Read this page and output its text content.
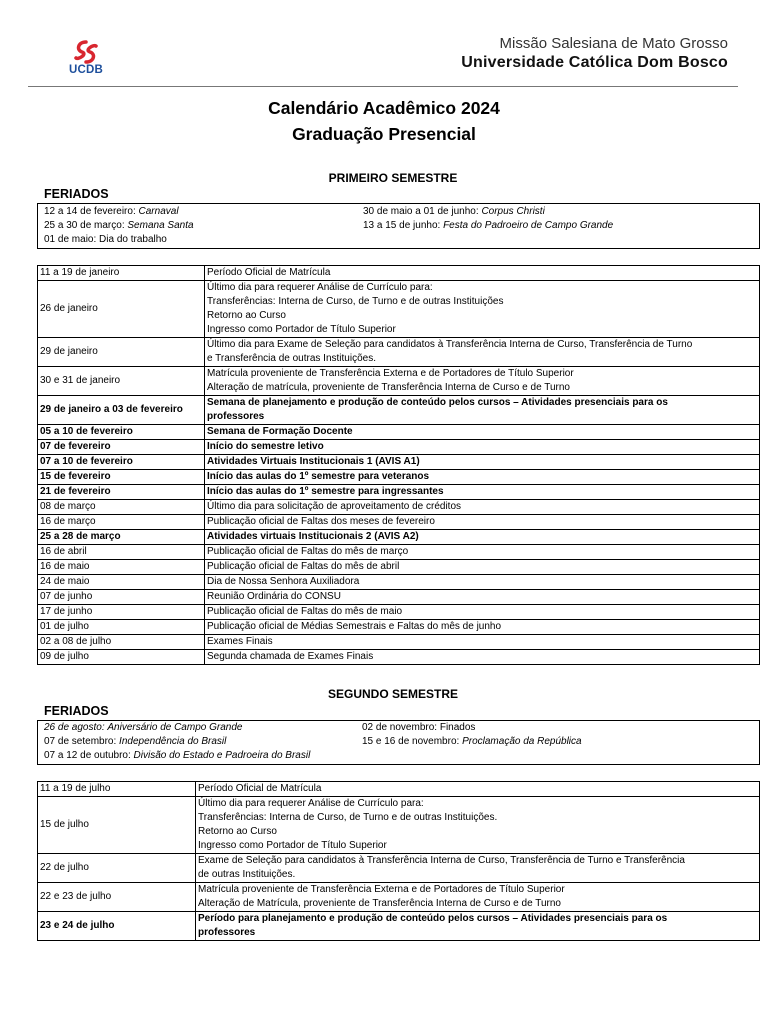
UCDB
Missão Salesiana de Mato Grosso
Universidade Católica Dom Bosco
Calendário Acadêmico 2024
Graduação Presencial
PRIMEIRO SEMESTRE
FERIADOS
12 a 14 de fevereiro: Carnaval
25 a 30 de março: Semana Santa
01 de maio: Dia do trabalho
30 de maio a 01 de junho: Corpus Christi
13 a 15 de junho: Festa do Padroeiro de Campo Grande
11 a 19 de janeiro	Período Oficial de Matrícula

26 de janeiro	Último dia para requerer Análise de Currículo para:
Transferências: Interna de Curso, de Turno e de outras Instituições
Retorno ao Curso
Ingresso como Portador de Título Superior

29 de janeiro	Último dia para Exame de Seleção para candidatos à Transferência Interna de Curso, Transferência de Turno
e Transferência de outras Instituições.

30 e 31 de janeiro	Matrícula proveniente de Transferência Externa e de Portadores de Título Superior
Alteração de matrícula, proveniente de Transferência Interna de Curso e de Turno

29 de janeiro a 03 de fevereiro	Semana de planejamento e produção de conteúdo pelos cursos – Atividades presenciais para os
professores

05 a 10 de fevereiro	Semana de Formação Docente

07 de fevereiro	Início do semestre letivo

07 a 10 de fevereiro	Atividades Virtuais Institucionais 1 (AVIS A1)

15 de fevereiro	Início das aulas do 1º semestre para veteranos

21 de fevereiro	Início das aulas do 1º semestre para ingressantes

08 de março	Último dia para solicitação de aproveitamento de créditos

16 de março	Publicação oficial de Faltas dos meses de fevereiro

25 a 28 de março	Atividades virtuais Institucionais 2 (AVIS A2)

16 de abril	Publicação oficial de Faltas do mês de março

16 de maio	Publicação oficial de Faltas do mês de abril

24 de maio	Dia de Nossa Senhora Auxiliadora

07 de junho	Reunião Ordinária do CONSU

17 de junho	Publicação oficial de Faltas do mês de maio

01 de julho	Publicação oficial de Médias Semestrais e Faltas do mês de junho

02 a 08 de julho	Exames Finais

09 de julho	Segunda chamada de Exames Finais
SEGUNDO SEMESTRE
FERIADOS
26 de agosto: Aniversário de Campo Grande
07 de setembro: Independência do Brasil
07 a 12 de outubro: Divisão do Estado e Padroeira do Brasil
02 de novembro: Finados
15 e 16 de novembro: Proclamação da República
11 a 19 de julho	Período Oficial de Matrícula

15 de julho	Último dia para requerer Análise de Currículo para:
Transferências: Interna de Curso, de Turno e de outras Instituições.
Retorno ao Curso
Ingresso como Portador de Título Superior

22 de julho	Exame de Seleção para candidatos à Transferência Interna de Curso, Transferência de Turno e Transferência
de outras Instituições.

22 e 23 de julho	Matrícula proveniente de Transferência Externa e de Portadores de Título Superior
Alteração de Matrícula, proveniente de Transferência Interna de Curso e de Turno

23 e 24 de julho	Período para planejamento e produção de conteúdo pelos cursos – Atividades presenciais para os
professores
